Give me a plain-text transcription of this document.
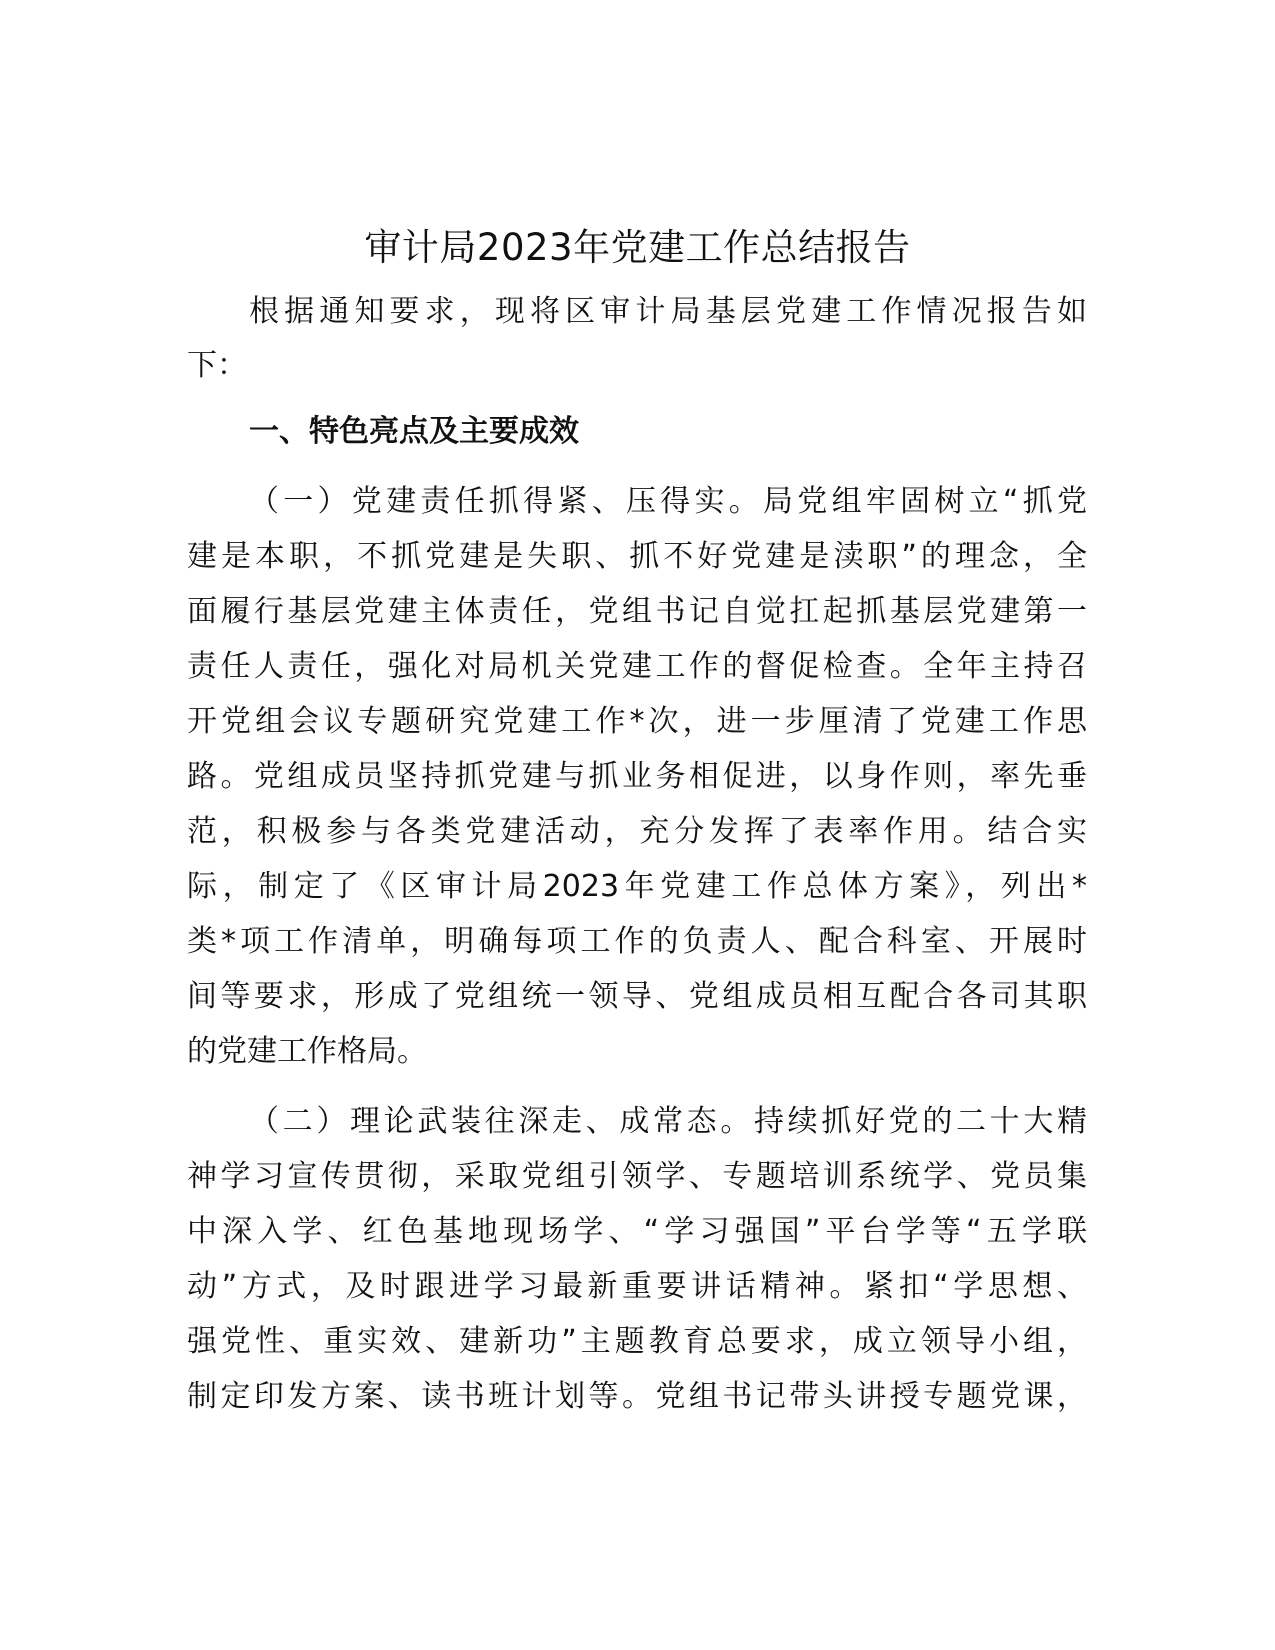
审计局2023年党建工作总结报告
根据通知要求，现将区审计局基层党建工作情况报告如
下：
一、特色亮点及主要成效
（一）党建责任抓得紧、压得实。局党组牢固树立“抓党
建是本职，不抓党建是失职、抓不好党建是渎职”的理念，全
面履行基层党建主体责任，党组书记自觉扛起抓基层党建第一
责任人责任，强化对局机关党建工作的督促检查。全年主持召
开党组会议专题研究党建工作*次，进一步厘清了党建工作思
路。党组成员坚持抓党建与抓业务相促进，以身作则，率先垂
范，积极参与各类党建活动，充分发挥了表率作用。结合实
际，制定了《区审计局2023年党建工作总体方案》，列出*
类*项工作清单，明确每项工作的负责人、配合科室、开展时
间等要求，形成了党组统一领导、党组成员相互配合各司其职
的党建工作格局。
（二）理论武装往深走、成常态。持续抓好党的二十大精
神学习宣传贯彻，采取党组引领学、专题培训系统学、党员集
中深入学、红色基地现场学、“学习强国”平台学等“五学联
动”方式，及时跟进学习最新重要讲话精神。紧扣“学思想、
强党性、重实效、建新功”主题教育总要求，成立领导小组，
制定印发方案、读书班计划等。党组书记带头讲授专题党课，
